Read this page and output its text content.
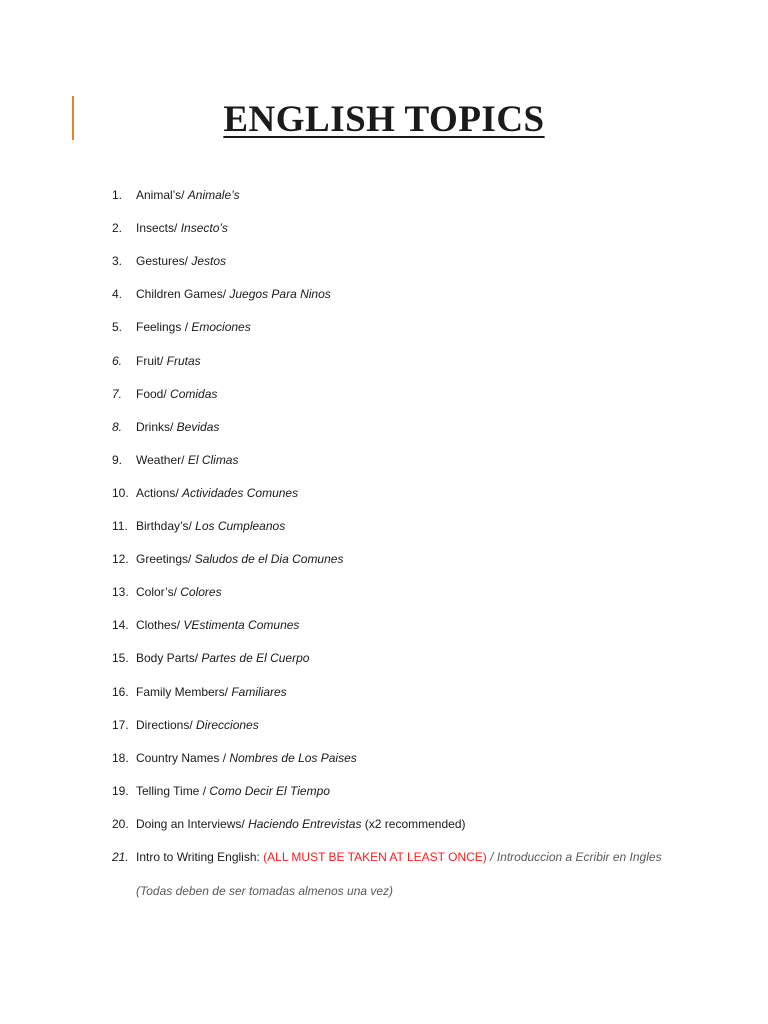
ENGLISH TOPICS
1.	Animal’s/ Animale’s
2.	Insects/ Insecto’s
3.	Gestures/ Jestos
4.	Children Games/ Juegos Para Ninos
5.	Feelings / Emociones
6.	Fruit/ Frutas
7.	Food/ Comidas
8.	Drinks/ Bevidas
9.	Weather/ El Climas
10. Actions/ Actividades Comunes
11. Birthday’s/ Los Cumpleanos
12. Greetings/ Saludos de el Dia Comunes
13. Color’s/ Colores
14. Clothes/ VEstimenta Comunes
15. Body Parts/ Partes de El Cuerpo
16. Family Members/ Familiares
17. Directions/ Direcciones
18. Country Names / Nombres de Los Paises
19. Telling Time / Como Decir El Tiempo
20. Doing an Interviews/ Haciendo Entrevistas (x2 recommended)
21. Intro to Writing English: (ALL MUST BE TAKEN AT LEAST ONCE) / Introduccion a Ecribir en Ingles
(Todas deben de ser tomadas almenos una vez)
